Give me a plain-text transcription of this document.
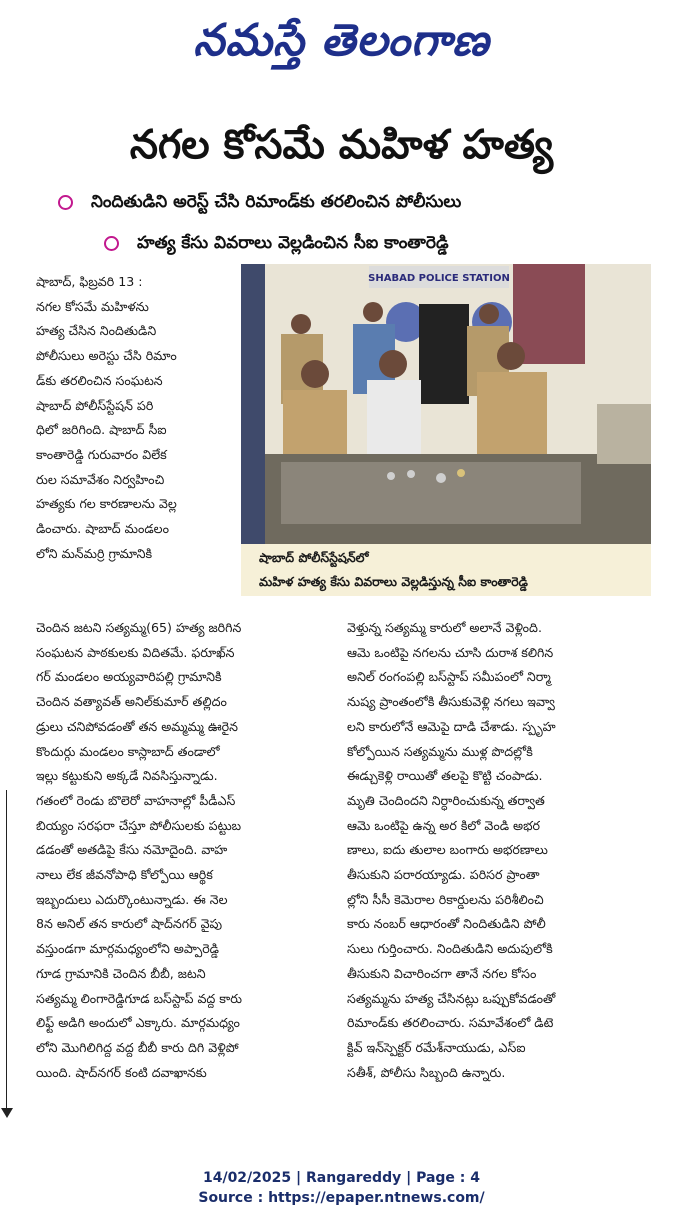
నమస్తే తెలంగాణ
నగల కోసమే మహిళ హత్య
నిందితుడిని అరెస్ట్ చేసి రిమాండ్‌కు తరలించిన పోలీసులు
హత్య కేసు వివరాలు వెల్లడించిన సీఐ కాంతారెడ్డి
షాబాద్, ఫిబ్రవరి 13 :
నగల కోసమే మహిళను
హత్య చేసిన నిందితుడిని
పోలీసులు అరెస్టు చేసి రిమాం
డ్‌కు తరలించిన సంఘటన
షాబాద్ పోలీస్‌స్టేషన్ పరి
ధిలో జరిగింది. షాబాద్ సీఐ
కాంతారెడ్డి గురువారం విలేక
రుల సమావేశం నిర్వహించి
హత్యకు గల కారణాలను వెల్ల
డించారు. షాబాద్ మండలం
లోని మన్‌మర్రి గ్రామానికి
SHABAD POLICE STATION
షాబాద్ పోలీస్‌స్టేషన్‌లో
మహిళ హత్య కేసు వివరాలు వెల్లడిస్తున్న సీఐ కాంతారెడ్డి
చెందిన జటని సత్యమ్మ(65) హత్య జరిగిన
సంఘటన పాఠకులకు విదితమే. ఫరూఖ్‌న
గర్ మండలం అయ్యవారిపల్లి గ్రామానికి
చెందిన వత్యావత్ అనిల్‌కుమార్ తల్లిదం
డ్రులు చనిపోవడంతో తన అమ్మమ్మ ఊరైన
కొందుర్గు మండలం కాస్లాబాద్ తండాలో
ఇల్లు కట్టుకుని అక్కడే నివసిస్తున్నాడు.
గతంలో రెండు బొలెరో వాహనాల్లో పీడీఎస్
బియ్యం సరఫరా చేస్తూ పోలీసులకు పట్టుబ
డడంతో అతడిపై కేసు నమోదైంది. వాహ
నాలు లేక జీవనోపాధి కోల్పోయి ఆర్థిక
ఇబ్బందులు ఎదుర్కొంటున్నాడు. ఈ నెల
8న అనిల్ తన కారులో షాద్‌నగర్ వైపు
వస్తుండగా మార్గమధ్యంలోని అప్పారెడ్డి
గూడ గ్రామానికి చెందిన బీబీ, జటని
సత్యమ్మ లింగారెడ్డిగూడ బస్‌స్టాప్ వద్ద కారు
లిఫ్ట్ అడిగి అందులో ఎక్కారు. మార్గమధ్యం
లోని మొగిలిగిద్ద వద్ద బీబీ కారు దిగి వెళ్లిపో
యింది. షాద్‌నగర్ కంటి దవాఖానకు
వెళ్తున్న సత్యమ్మ కారులో అలానే వెళ్లింది.
ఆమె ఒంటిపై నగలను చూసి దురాశ కలిగిన
అనిల్ రంగంపల్లి బస్‌స్టాప్ సమీపంలో నిర్మా
నుష్య ప్రాంతంలోకి తీసుకువెళ్లి నగలు ఇవ్వా
లని కారులోనే ఆమెపై దాడి చేశాడు. స్పృహ
కోల్పోయిన సత్యమ్మను ముళ్ల పొదల్లోకి
ఈడ్చుకెళ్లి రాయితో తలపై కొట్టి చంపాడు.
మృతి చెందిందని నిర్ధారించుకున్న తర్వాత
ఆమె ఒంటిపై ఉన్న అర కిలో వెండి అభర
ణాలు, ఐదు తులాల బంగారు అభరణాలు
తీసుకుని పరారయ్యాడు. పరిసర ప్రాంతా
ల్లోని సీసీ కెమెరాల రికార్డులను పరిశీలించి
కారు నంబర్ ఆధారంతో నిందితుడిని పోలీ
సులు గుర్తించారు. నిందితుడిని అదుపులోకి
తీసుకుని విచారించగా తానే నగల కోసం
సత్యమ్మను హత్య చేసినట్లు ఒప్పుకోవడంతో
రిమాండ్‌కు తరలించారు. సమావేశంలో డిటె
క్టివ్ ఇన్‌స్పెక్టర్ రమేశ్‌నాయుడు, ఎస్‌ఐ
సతీశ్, పోలీసు సిబ్బంది ఉన్నారు.
14/02/2025 | Rangareddy | Page : 4
Source : https://epaper.ntnews.com/
